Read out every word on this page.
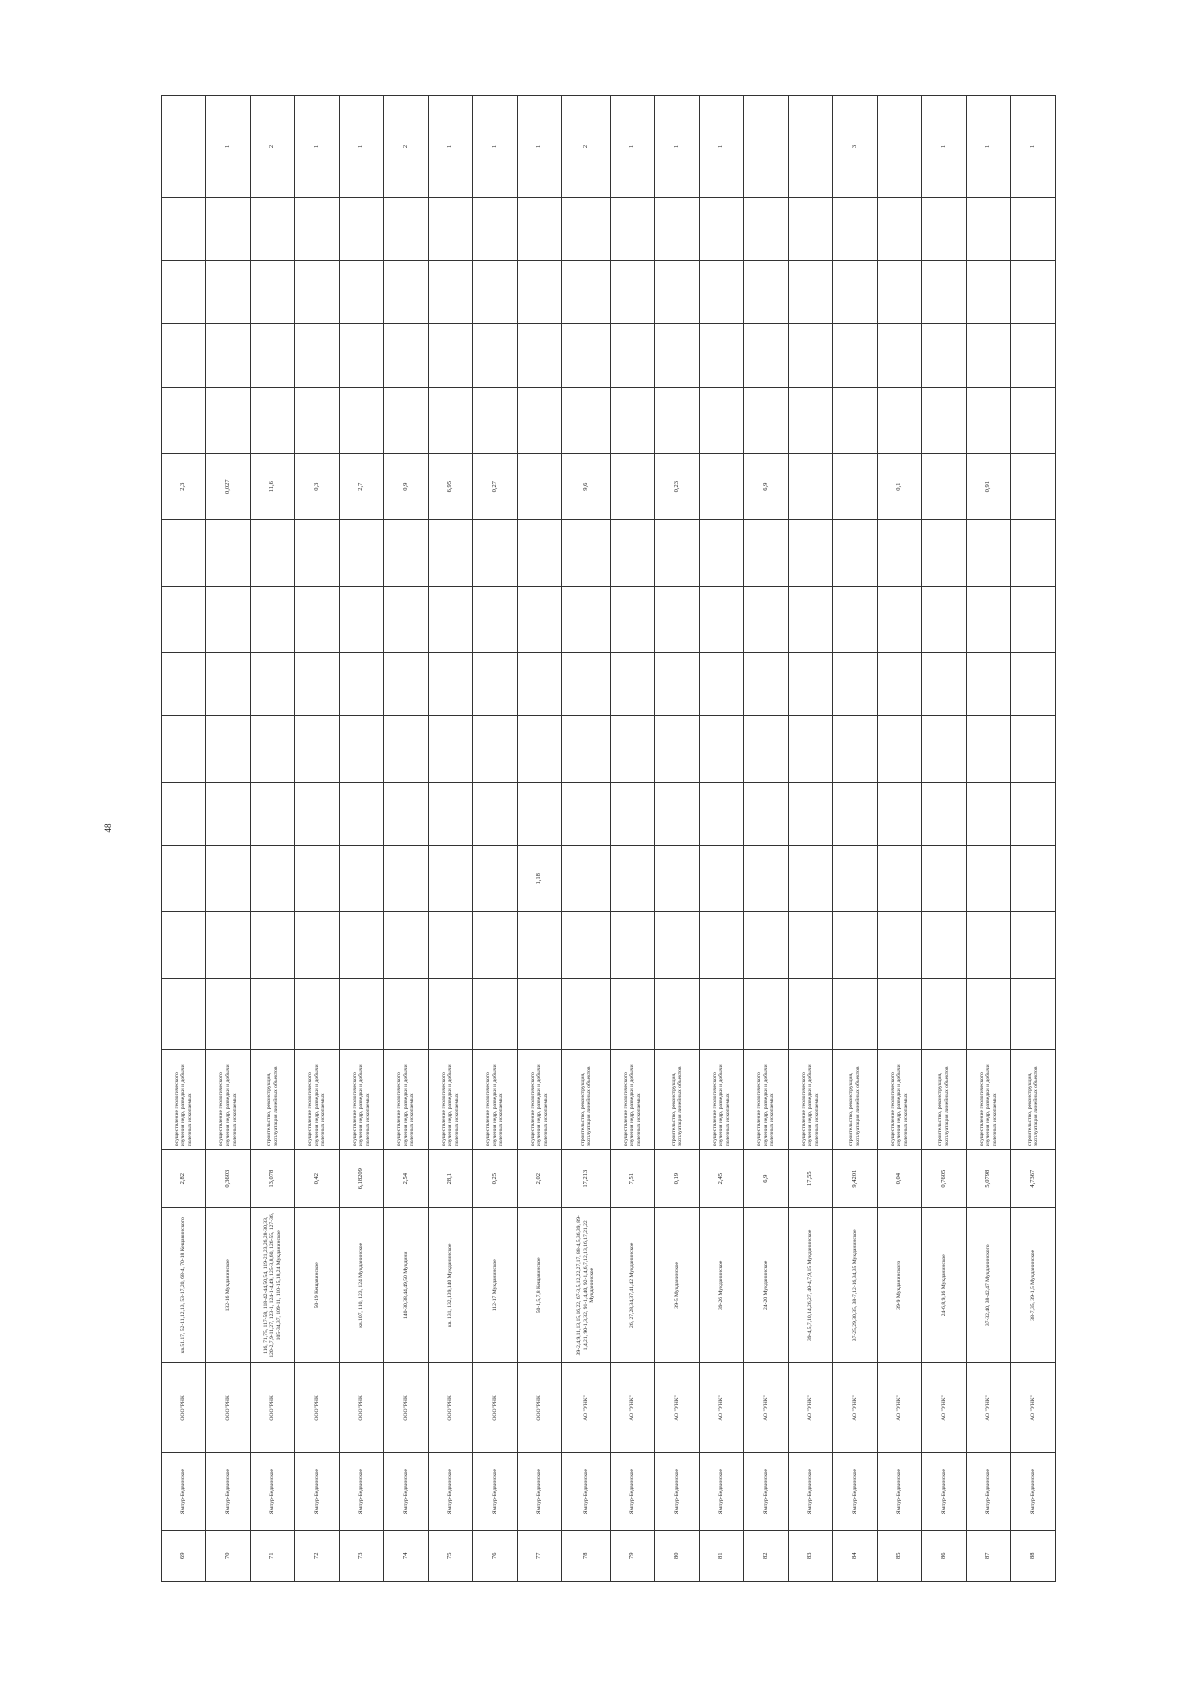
48
69	Ямпур-Бедвинское	ООО"РНК	кв.51.17, 52-11,12,13, 53-17,20, 68-4, 70-18 Кещавинского	2,82	осуществление геологического изучения недр, разведки и добычи полезных ископаемых									2,3					
70	Ямпур-Бедвинское	ООО"РНК	132-16 Мукданинское	0,3603	осуществление геологического изучения недр, разведки и добычи полезных ископаемых									0,027					1
71	Ямпур-Бедвинское	ООО"РНК	116, 71,75, 117-58, 118-42-44,50,54, 119-21,23,26,28-30,33, 120-2,7,9-11,27, 123-1, 124-1-4,49, 125-3,8,60, 126-55, 127-36, 105-34,37, 109-11, 110-15,18,24 Мукданинское	13,078	строительство, реконструкция, эксплуатация линейных объектов									11,6					2
72	Ямпур-Бедвинское	ООО"РНК	50-19 Кещавинское	0,42	осуществление геологического изучения недр, разведки и добычи полезных ископаемых									0,3					1
73	Ямпур-Бедвинское	ООО"РНК	кв.107, 110, 123, 124 Мукданинское	6,18209	осуществление геологического изучения недр, разведки и добычи полезных ископаемых									2,7					1
74	Ямпур-Бедвинское	ООО"РНК	140-30,38,44,49,50 Мукдини	2,54	осуществление геологического изучения недр, разведки и добычи полезных ископаемых									0,9					2
75	Ямпур-Бедвинское	ООО"РНК	кв. 131, 132,139,140 Мукданинское	28,1	осуществление геологического изучения недр, разведки и добычи полезных ископаемых									6,95					1
76	Ямпур-Бедвинское	ООО"РНК	112-17 Мукданинское	0,25	осуществление геологического изучения недр, разведки и добычи полезных ископаемых									0,27					1
77	Ямпур-Бедвинское	ООО"РНК	50-1,5,7,8 Кещавинское	2,02	осуществление геологического изучения недр, разведки и добычи полезных ископаемых			1,18											1
78	Ямпур-Бедвинское	АО "УНК"	39-2,4,9,11,13,15,16,22, 67-3,5,12,22,27,17, 88-4,5,36,39, 89-1,4,21, 90-1,3,32, 91-1,4,40, 92-1,4,6,7,12,13,16,17,21,22 Мукданинское	17,213	строительство, реконструкция, эксплуатация линейных объектов									9,6					2
79	Ямпур-Бедвинское	АО "УНК"	26, 27,28,34,37,41,42 Мукданинское	7,51	осуществление геологического изучения недр, разведки и добычи полезных ископаемых														1
80	Ямпур-Бедвинское	АО "УНК"	39-5 Мукданинское	0,19	строительство, реконструкция, эксплуатация линейных объектов									0,23					1
81	Ямпур-Бедвинское	АО "УНК"	39-26 Мукданинское	2,45	осуществление геологического изучения недр, разведки и добычи полезных ископаемых														1
82	Ямпур-Бедвинское	АО "УНК"	24-20 Мукданинское	6,9	осуществление геологического изучения недр, разведки и добычи полезных ископаемых									6,9					
83	Ямпур-Бедвинское	АО "УНК"	39-4,5,7,10,14,26,27, 40-4,7,9,15 Мукданинское	17,55	осуществление геологического изучения недр, разведки и добычи полезных ископаемых														
84	Ямпур-Бедвинское	АО "УНК"	37-25,29,30,35, 38-7,12-16,34,35 Мукданинское	9,4201	строительство, реконструкция, эксплуатация линейных объектов														3
85	Ямпур-Бедвинское	АО "УНК"	39-9 Мукданинского	0,04	осуществление геологического изучения недр, разведки и добычи полезных ископаемых									0,1					
86	Ямпур-Бедвинское	АО "УНК"	24-6,8,9,16 Мукданинское	0,7605	строительство, реконструкция, эксплуатация линейных объектов														1
87	Ямпур-Бедвинское	АО "УНК"	37-32,40, 38-42,47 Мукданинского	5,0798	осуществление геологического изучения недр, разведки и добычи полезных ископаемых									0,91					1
88	Ямпур-Бедвинское	АО "УНК"	38-7,35, 39-1,5 Мукданинское	4,7367	строительство, реконструкция, эксплуатация линейных объектов														1
